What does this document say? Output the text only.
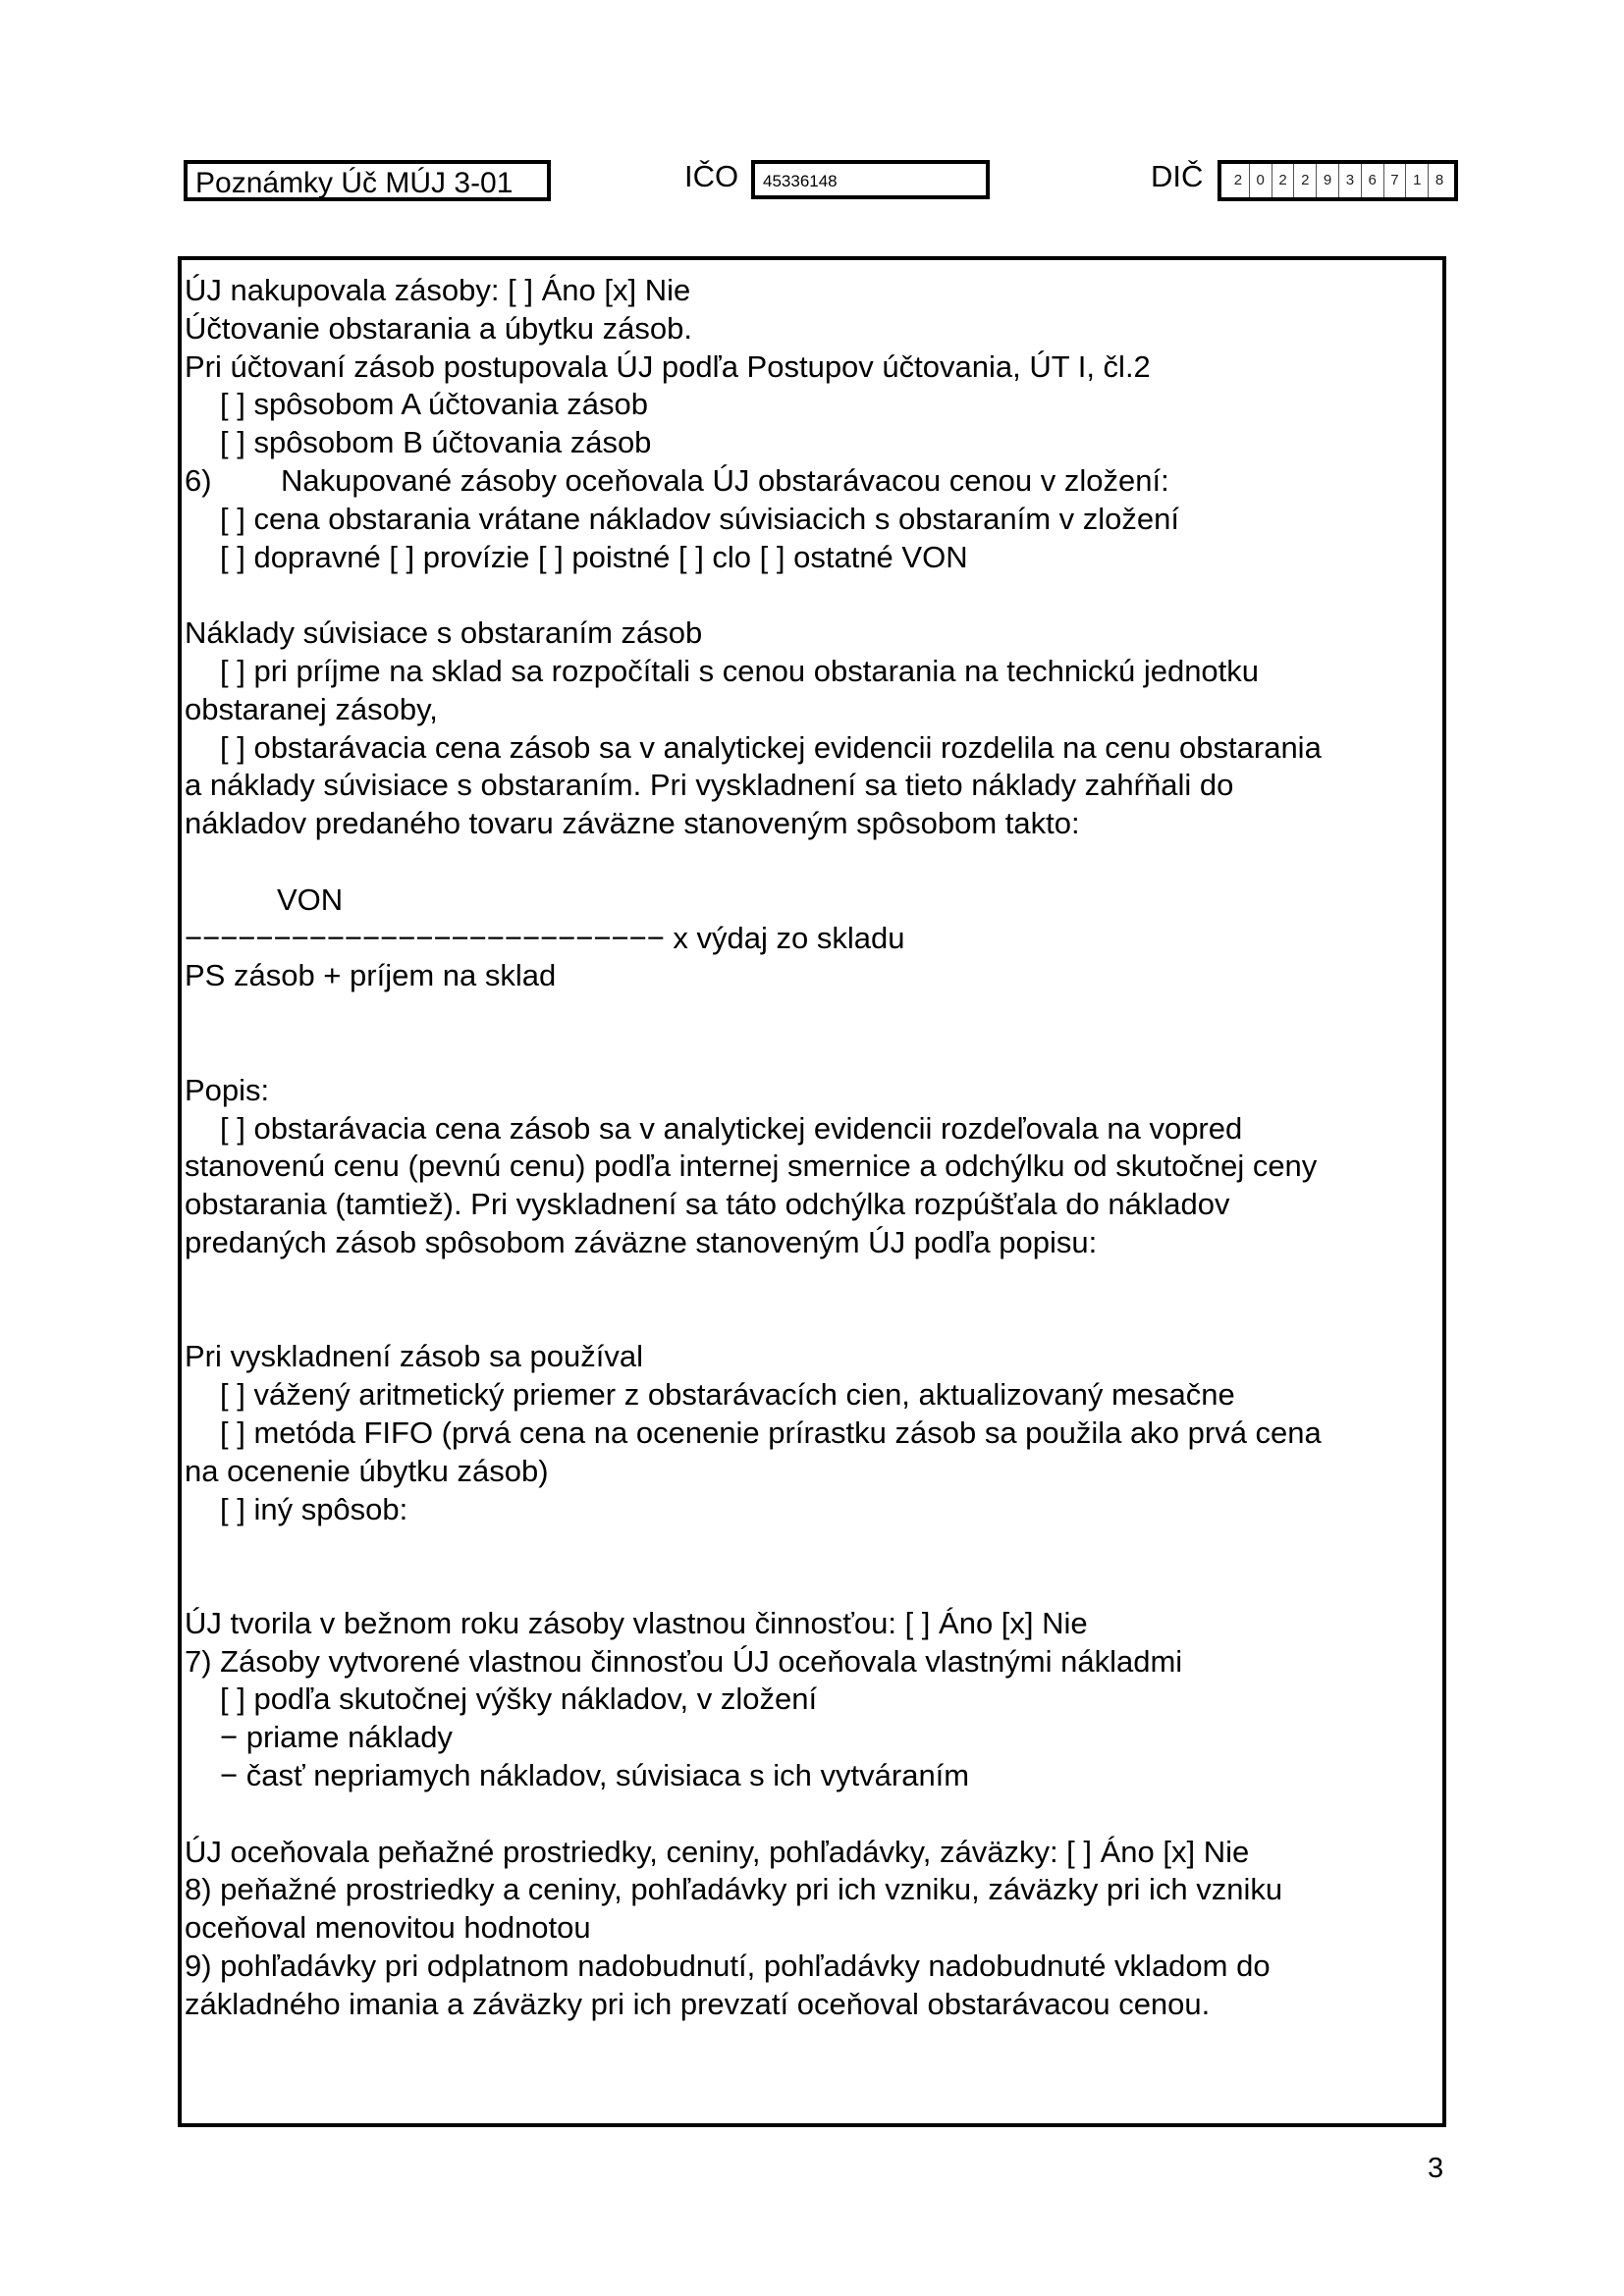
Poznámky Úč MÚJ 3-01	IČO 45336148	DIČ	2 0 2 2 9 3 6 7 1 8
ÚJ nakupovala zásoby: [ ] Áno [x] Nie
Účtovanie obstarania a úbytku zásob.
Pri účtovaní zásob postupovala ÚJ podľa Postupov účtovania, ÚT I, čl.2
[ ] spôsobom A účtovania zásob
[ ] spôsobom B účtovania zásob
6) Nakupované zásoby oceňovala ÚJ obstarávacou cenou v zložení:
[ ] cena obstarania vrátane nákladov súvisiacich s obstaraním v zložení
[ ] dopravné [ ] provízie [ ] poistné [ ] clo [ ] ostatné VON
Náklady súvisiace s obstaraním zásob
[ ] pri príjme na sklad sa rozpočítali s cenou obstarania na technickú jednotku
obstaranej zásoby,
[ ] obstarávacia cena zásob sa v analytickej evidencii rozdelila na cenu obstarania
a náklady súvisiace s obstaraním. Pri vyskladnení sa tieto náklady zahŕňali do
nákladov predaného tovaru záväzne stanoveným spôsobom takto:
VON
−−−−−−−−−−−−−−−−−−−−−−−−−−− x výdaj zo skladu
PS zásob + príjem na sklad
Popis:
[ ] obstarávacia cena zásob sa v analytickej evidencii rozdeľovala na vopred
stanovenú cenu (pevnú cenu) podľa internej smernice a odchýlku od skutočnej ceny
obstarania (tamtiež). Pri vyskladnení sa táto odchýlka rozpúšťala do nákladov
predaných zásob spôsobom záväzne stanoveným ÚJ podľa popisu:
Pri vyskladnení zásob sa používal
[ ] vážený aritmetický priemer z obstarávacích cien, aktualizovaný mesačne
[ ] metóda FIFO (prvá cena na ocenenie prírastku zásob sa použila ako prvá cena
na ocenenie úbytku zásob)
[ ] iný spôsob:
ÚJ tvorila v bežnom roku zásoby vlastnou činnosťou: [ ] Áno [x] Nie
7) Zásoby vytvorené vlastnou činnosťou ÚJ oceňovala vlastnými nákladmi
[ ] podľa skutočnej výšky nákladov, v zložení
− priame náklady
− časť nepriamych nákladov, súvisiaca s ich vytváraním
ÚJ oceňovala peňažné prostriedky, ceniny, pohľadávky, záväzky: [ ] Áno [x] Nie
8) peňažné prostriedky a ceniny, pohľadávky pri ich vzniku, záväzky pri ich vzniku
oceňoval menovitou hodnotou
9) pohľadávky pri odplatnom nadobudnutí, pohľadávky nadobudnuté vkladom do
základného imania a záväzky pri ich prevzatí oceňoval obstarávacou cenou.
3
